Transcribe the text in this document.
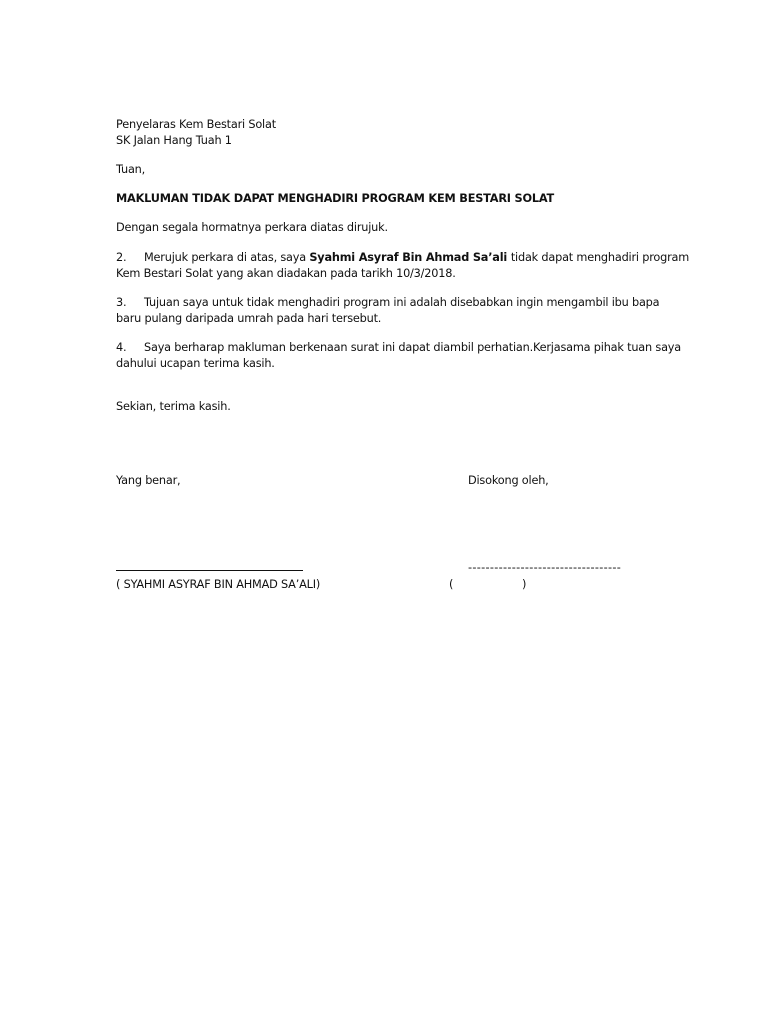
Penyelaras Kem Bestari Solat
SK Jalan Hang Tuah 1
Tuan,
MAKLUMAN TIDAK DAPAT MENGHADIRI PROGRAM KEM BESTARI SOLAT
Dengan segala hormatnya perkara diatas dirujuk.
2. Merujuk perkara di atas, saya Syahmi Asyraf Bin Ahmad Sa’ali tidak dapat menghadiri program
Kem Bestari Solat yang akan diadakan pada tarikh 10/3/2018.
3. Tujuan saya untuk tidak menghadiri program ini adalah disebabkan ingin mengambil ibu bapa
baru pulang daripada umrah pada hari tersebut.
4. Saya berharap makluman berkenaan surat ini dapat diambil perhatian.Kerjasama pihak tuan saya
dahului ucapan terima kasih.
Sekian, terima kasih.
Yang benar,	Disokong oleh,
-----------------------------------
( SYAHMI ASYRAF BIN AHMAD SA’ALI)	(	)
